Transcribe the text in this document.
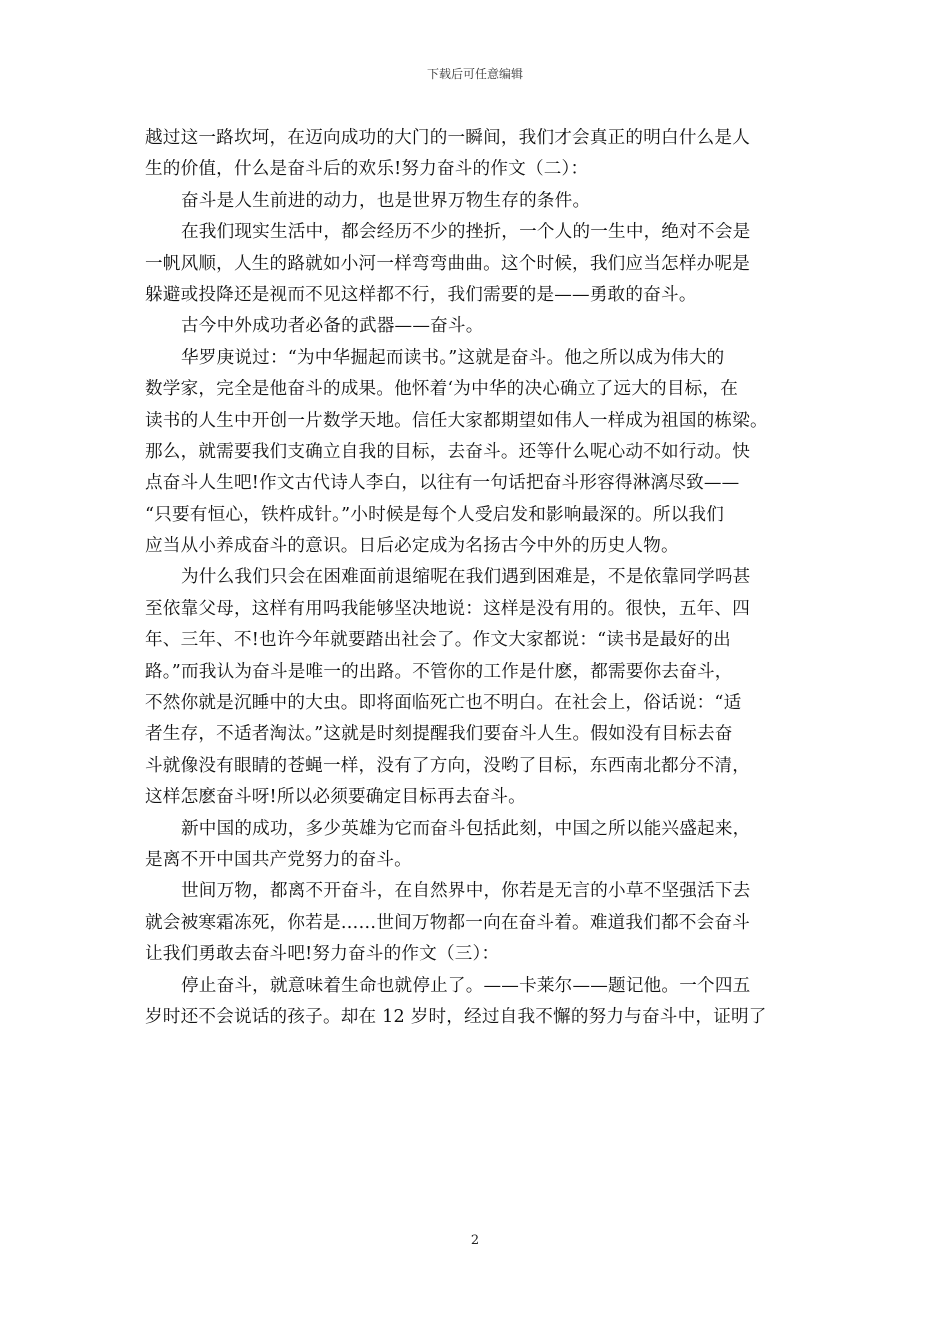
下载后可任意编辑
越过这一路坎坷，在迈向成功的大门的一瞬间，我们才会真正的明白什么是人
生的价值，什么是奋斗后的欢乐!努力奋斗的作文（二）：
奋斗是人生前进的动力，也是世界万物生存的条件。
在我们现实生活中，都会经历不少的挫折，一个人的一生中，绝对不会是
一帆风顺，人生的路就如小河一样弯弯曲曲。这个时候，我们应当怎样办呢是
躲避或投降还是视而不见这样都不行，我们需要的是——勇敢的奋斗。
古今中外成功者必备的武器——奋斗。
华罗庚说过：“为中华掘起而读书。”这就是奋斗。他之所以成为伟大的
数学家，完全是他奋斗的成果。他怀着‘为中华的决心确立了远大的目标，在
读书的人生中开创一片数学天地。信任大家都期望如伟人一样成为祖国的栋梁。
那么，就需要我们支确立自我的目标，去奋斗。还等什么呢心动不如行动。快
点奋斗人生吧!作文古代诗人李白，以往有一句话把奋斗形容得淋漓尽致——
“只要有恒心，铁杵成针。”小时候是每个人受启发和影响最深的。所以我们
应当从小养成奋斗的意识。日后必定成为名扬古今中外的历史人物。
为什么我们只会在困难面前退缩呢在我们遇到困难是，不是依靠同学吗甚
至依靠父母，这样有用吗我能够坚决地说：这样是没有用的。很快，五年、四
年、三年、不!也许今年就要踏出社会了。作文大家都说：“读书是最好的出
路。”而我认为奋斗是唯一的出路。不管你的工作是什麽，都需要你去奋斗，
不然你就是沉睡中的大虫。即将面临死亡也不明白。在社会上，俗话说：“适
者生存，不适者淘汰。”这就是时刻提醒我们要奋斗人生。假如没有目标去奋
斗就像没有眼睛的苍蝇一样，没有了方向，没哟了目标，东西南北都分不清，
这样怎麽奋斗呀!所以必须要确定目标再去奋斗。
新中国的成功，多少英雄为它而奋斗包括此刻，中国之所以能兴盛起来，
是离不开中国共产党努力的奋斗。
世间万物，都离不开奋斗，在自然界中，你若是无言的小草不坚强活下去
就会被寒霜冻死，你若是……世间万物都一向在奋斗着。难道我们都不会奋斗
让我们勇敢去奋斗吧!努力奋斗的作文（三）：
停止奋斗，就意味着生命也就停止了。——卡莱尔——题记他。一个四五
岁时还不会说话的孩子。却在 12 岁时，经过自我不懈的努力与奋斗中，证明了
2
